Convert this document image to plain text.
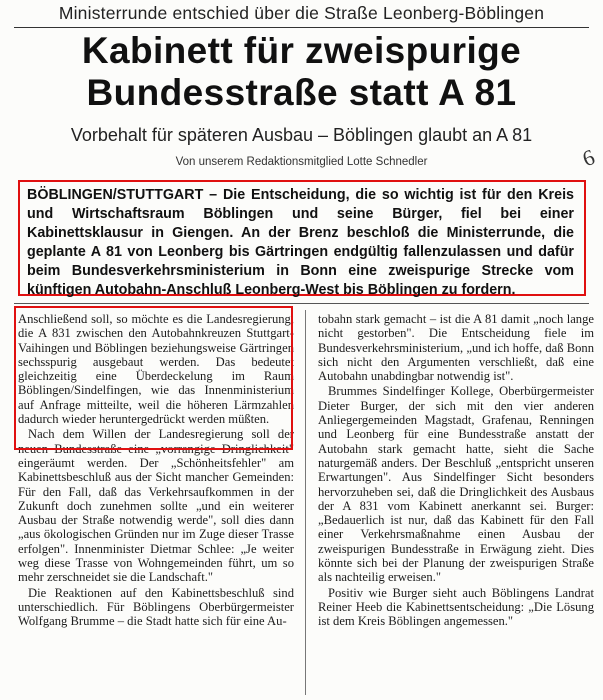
Ministerrunde entschied über die Straße Leonberg-Böblingen
Kabinett für zweispurige
Bundesstraße statt A 81
Vorbehalt für späteren Ausbau – Böblingen glaubt an A 81
Von unserem Redaktionsmitglied Lotte Schnedler	6
BÖBLINGEN/STUTTGART – Die Entscheidung, die so wichtig ist für den Kreis und Wirtschaftsraum Böblingen und seine Bürger, fiel bei einer Kabinettsklausur in Giengen. An der Brenz beschloß die Ministerrunde, die geplante A 81 von Leonberg bis Gärtringen endgültig fallenzulassen und dafür beim Bundesverkehrsministerium in Bonn eine zweispurige Strecke vom künftigen Autobahn-Anschluß Leonberg-West bis Böblingen zu fordern.

Anschließend soll, so möchte es die Landesregierung, die A 831 zwischen den Autobahnkreuzen Stuttgart-Vaihingen und Böblingen beziehungsweise Gärtringen sechsspurig ausgebaut werden. Das bedeutet gleichzeitig eine Überdeckelung im Raum Böblingen/Sindelfingen, wie das Innenministerium auf Anfrage mitteilte, weil die höheren Lärmzahlen dadurch wieder heruntergedrückt werden müßten.

Nach dem Willen der Landesregierung soll der neuen Bundesstraße eine „vorrangige Dringlichkeit" eingeräumt werden. Der „Schönheitsfehler" am Kabinettsbeschluß aus der Sicht mancher Gemeinden: Für den Fall, daß das Verkehrsaufkommen in der Zukunft doch zunehmen sollte „und ein weiterer Ausbau der Straße notwendig werde", soll dies dann „aus ökologischen Gründen nur im Zuge dieser Trasse erfolgen". Innenminister Dietmar Schlee: „Je weiter weg diese Trasse von Wohngemeinden führt, um so mehr zerschneidet sie die Landschaft."

Die Reaktionen auf den Kabinettsbeschluß sind unterschiedlich. Für Böblingens Oberbürgermeister Wolfgang Brumme – die Stadt hatte sich für eine Au-

tobahn stark gemacht – ist die A 81 damit „noch lange nicht gestorben". Die Entscheidung fiele im Bundesverkehrsministerium, „und ich hoffe, daß Bonn sich nicht den Argumenten verschließt, daß eine Autobahn unabdingbar notwendig ist".

Brummes Sindelfinger Kollege, Oberbürgermeister Dieter Burger, der sich mit den vier anderen Anliegergemeinden Magstadt, Grafenau, Renningen und Leonberg für eine Bundesstraße anstatt der Autobahn stark gemacht hatte, sieht die Sache naturgemäß anders. Der Beschluß „entspricht unseren Erwartungen". Aus Sindelfinger Sicht besonders hervorzuheben sei, daß die Dringlichkeit des Ausbaus der A 831 vom Kabinett anerkannt sei. Burger: „Bedauerlich ist nur, daß das Kabinett für den Fall einer Verkehrsmaßnahme einen Ausbau der zweispurigen Bundesstraße in Erwägung zieht. Dies könnte sich bei der Planung der zweispurigen Straße als nachteilig erweisen."

Positiv wie Burger sieht auch Böblingens Landrat Reiner Heeb die Kabinettsentscheidung: „Die Lösung ist dem Kreis Böblingen angemessen."
